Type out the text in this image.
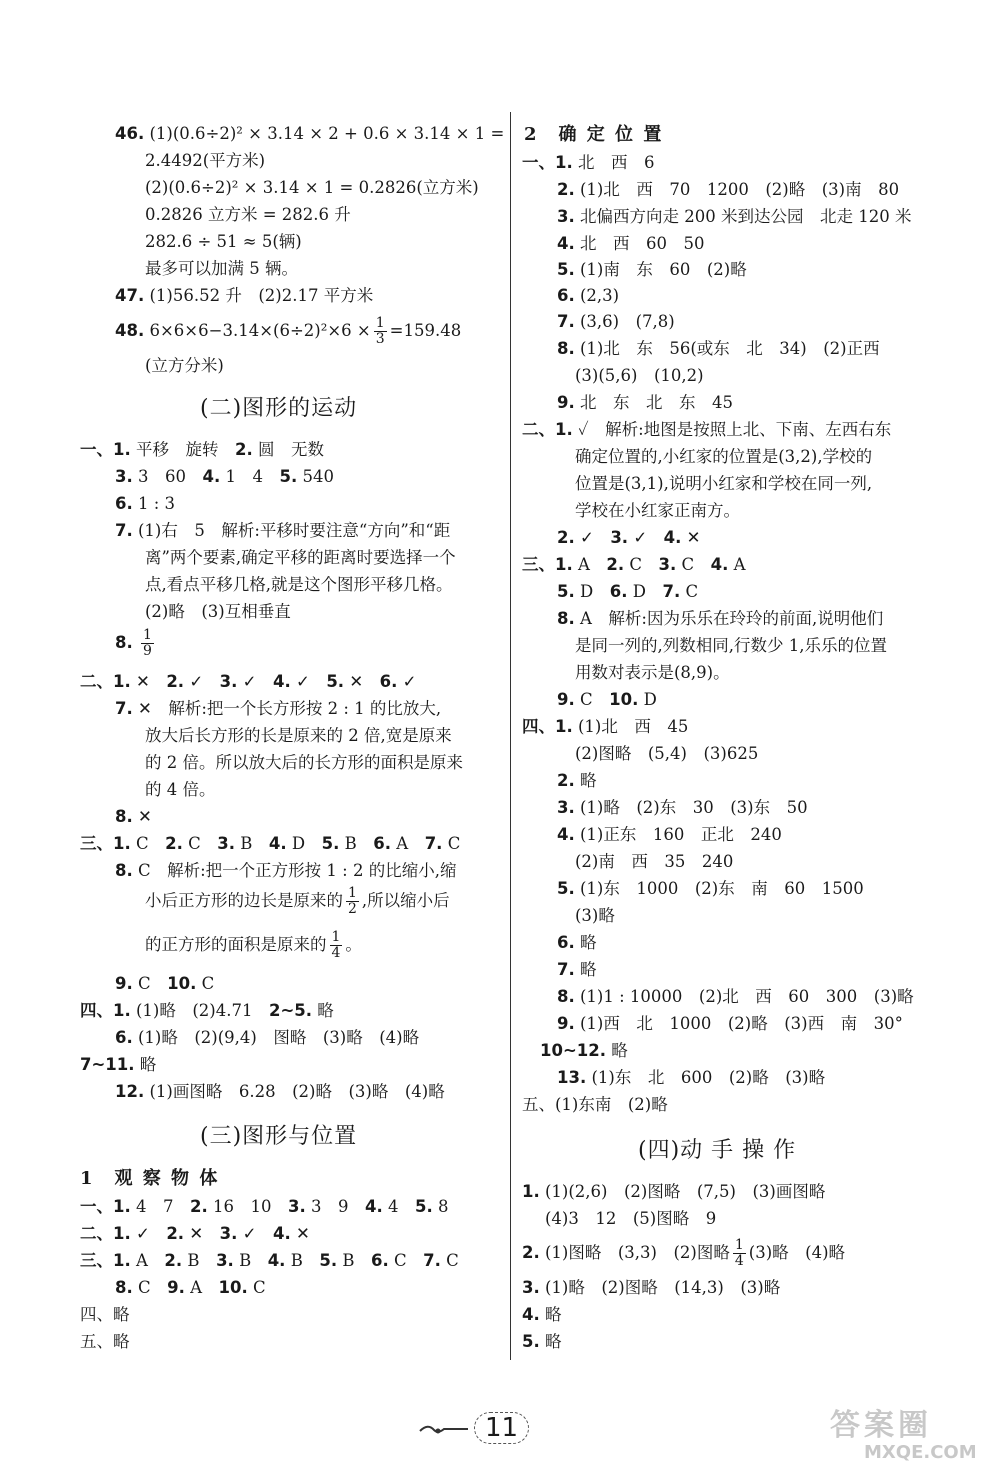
46. (1)(0.6÷2)² × 3.14 × 2 + 0.6 × 3.14 × 1 =
2.4492(平方米)
(2)(0.6÷2)² × 3.14 × 1 = 0.2826(立方米)
0.2826 立方米 = 282.6 升
282.6 ÷ 51 ≈ 5(辆)
最多可以加满 5 辆。
47. (1)56.52 升　(2)2.17 平方米
48. $6\times 6\times 6-3.14\times(6\div 2)^2\times 6 \times \frac{1}{3} =159.48$
(立方分米)
(二)图形的运动
一、1. 平移　旋转　2. 圆　无数
3. 3　60　4. 1　4　5. 540
6. 1 : 3
7. (1)右　5　解析:平移时要注意“方向”和“距
离”两个要素,确定平移的距离时要选择一个
点,看点平移几格,就是这个图形平移几格。
(2)略　(3)互相垂直
8. $\frac{1}{9}$
二、1. ✕　2. ✓　3. ✓　4. ✓　5. ✕　6. ✓
7. ✕　解析:把一个长方形按 2 : 1 的比放大,
放大后长方形的长是原来的 2 倍,宽是原来
的 2 倍。所以放大后的长方形的面积是原来
的 4 倍。
8. ✕
三、1. C　2. C　3. B　4. D　5. B　6. A　7. C
8. C　解析:把一个正方形按 1 : 2 的比缩小,缩
小后正方形的边长是原来的 $\frac{1}{2}$ ,所以缩小后
的正方形的面积是原来的 $\frac{1}{4}$ 。
9. C　10. C
四、1. (1)略　(2)4.71　2~5. 略
6. (1)略　(2)(9,4)　图略　(3)略　(4)略
7~11. 略
12. (1)画图略　6.28　(2)略　(3)略　(4)略
(三)图形与位置
1　观 察 物 体
一、1. 4　7　2. 16　10　3. 3　9　4. 4　5. 8
二、1. ✓　2. ✕　3. ✓　4. ✕
三、1. A　2. B　3. B　4. B　5. B　6. C　7. C
8. C　9. A　10. C
四、略
五、略
2　确 定 位 置
一、1. 北　西　6
2. (1)北　西　70　1200　(2)略　(3)南　80
3. 北偏西方向走 200 米到达公园　北走 120 米
4. 北　西　60　50
5. (1)南　东　60　(2)略
6. (2,3)
7. (3,6)　(7,8)
8. (1)北　东　56(或东　北　34)　(2)正西
(3)(5,6)　(10,2)
9. 北　东　北　东　45
二、1. ✓　解析:地图是按照上北、下南、左西右东
确定位置的,小红家的位置是(3,2),学校的
位置是(3,1),说明小红家和学校在同一列,
学校在小红家正南方。
2. ✓　3. ✓　4. ✕
三、1. A　2. C　3. C　4. A
5. D　6. D　7. C
8. A　解析:因为乐乐在玲玲的前面,说明他们
是同一列的,列数相同,行数少 1,乐乐的位置
用数对表示是(8,9)。
9. C　10. D
四、1. (1)北　西　45
(2)图略　(5,4)　(3)625
2. 略
3. (1)略　(2)东　30　(3)东　50
4. (1)正东　160　正北　240
(2)南　西　35　240
5. (1)东　1000　(2)东　南　60　1500
(3)略
6. 略
7. 略
8. (1)1 : 10000　(2)北　西　60　300　(3)略
9. (1)西　北　1000　(2)略　(3)西　南　30°
10~12. 略
13. (1)东　北　600　(2)略　(3)略
五、(1)东南　(2)略
(四)动 手 操 作
1. (1)(2,6)　(2)图略　(7,5)　(3)画图略
(4)3　12　(5)图略　9
2. (1)图略　(3,3)　(2)图略 $\frac{1}{4} (3)$略　(4)略
3. (1)略　(2)图略　(14,3)　(3)略
4. 略
5. 略
11	答案圈
MXQE.COM
